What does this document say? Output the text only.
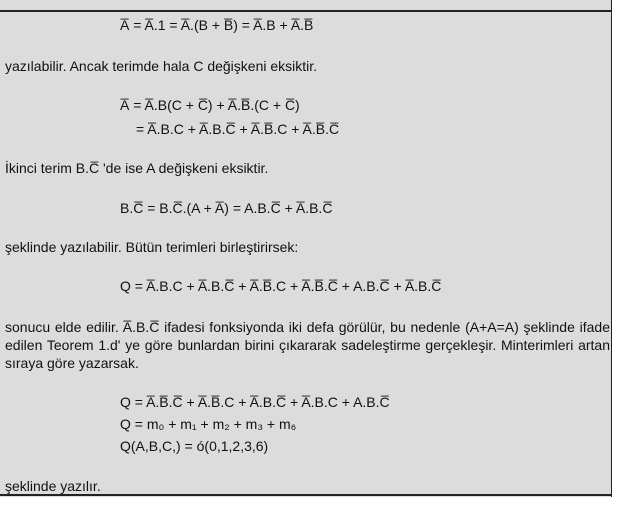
A̅ = A̅.1 = A̅.(B + B̅) = A̅.B + A̅.B̅
yazılabilir. Ancak terimde hala C değişkeni eksiktir.
A̅ = A̅.B(C + C̅) + A̅.B̅.(C + C̅)
= A̅.B.C + A̅.B.C̅ + A̅.B̅.C + A̅.B̅.C̅
İkinci terim B.C̅ 'de ise A değişkeni eksiktir.
B.C̅ = B.C̅.(A + A̅) = A.B.C̅ + A̅.B.C̅
şeklinde yazılabilir. Bütün terimleri birleştirirsek:
Q = A̅.B.C + A̅.B.C̅ + A̅.B̅.C + A̅.B̅.C̅ + A.B.C̅ + A̅.B.C̅
sonucu elde edilir. A̅.B.C̅ ifadesi fonksiyonda iki defa görülür, bu nedenle (A+A=A) şeklinde ifade edilen Teorem 1.d' ye göre bunlardan birini çıkararak sadeleştirme gerçekleşir. Minterimleri artan sıraya göre yazarsak.
Q = A̅.B̅.C̅ + A̅.B̅.C + A̅.B.C̅ + A̅.B.C + A.B.C̅
Q = m₀ + m₁ + m₂ + m₃ + m₆
Q(A,B,C,) = ó(0,1,2,3,6)
şeklinde yazılır.
